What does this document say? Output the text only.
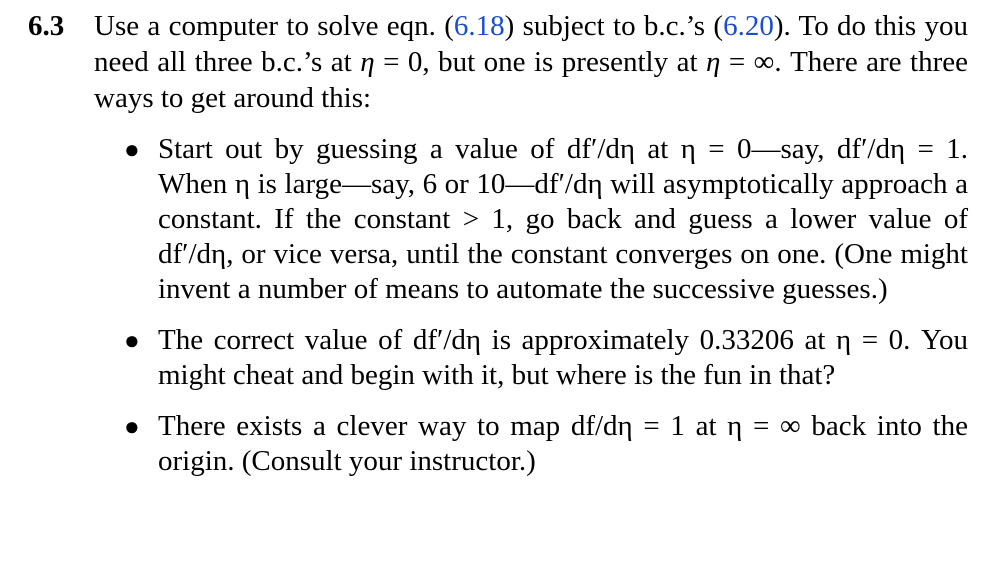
6.3 Use a computer to solve eqn. (6.18) subject to b.c.’s (6.20). To do this you need all three b.c.’s at η = 0, but one is presently at η = ∞. There are three ways to get around this:

● Start out by guessing a value of df′/dη at η = 0—say, df′/dη = 1. When η is large—say, 6 or 10—df′/dη will asymptotically approach a constant. If the constant > 1, go back and guess a lower value of df′/dη, or vice versa, until the constant converges on one. (One might invent a number of means to automate the successive guesses.)
● The correct value of df′/dη is approximately 0.33206 at η = 0. You might cheat and begin with it, but where is the fun in that?
● There exists a clever way to map df/dη = 1 at η = ∞ back into the origin. (Consult your instructor.)
